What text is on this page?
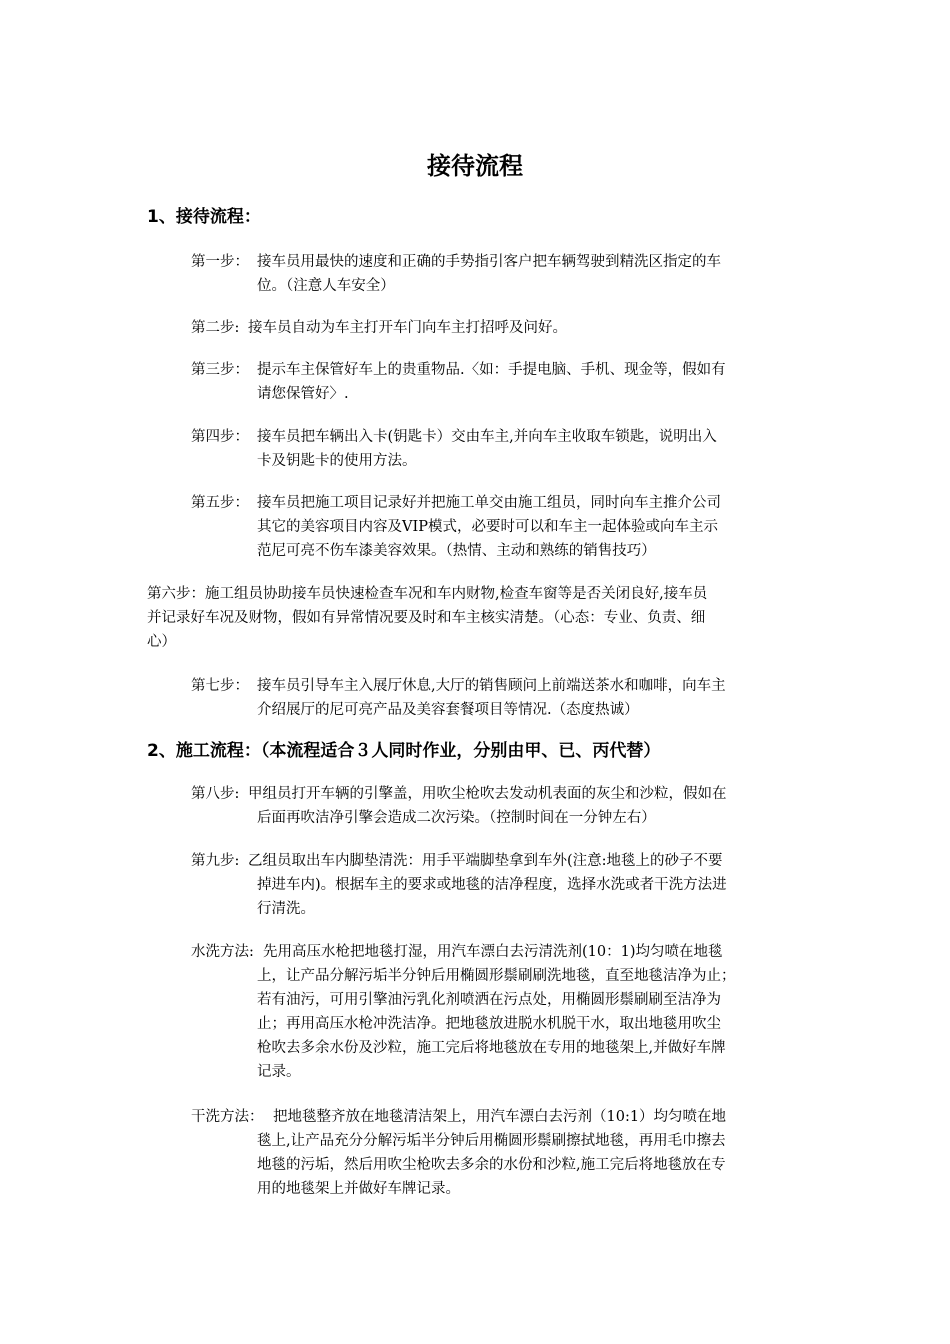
接待流程
1、接待流程：
第一步： 接车员用最快的速度和正确的手势指引客户把车辆驾驶到精洗区指定的车
位。（注意人车安全）
第二步: 接车员自动为车主打开车门向车主打招呼及问好。
第三步： 提示车主保管好车上的贵重物品.〈如：手提电脑、手机、现金等，假如有
请您保管好〉.
第四步： 接车员把车辆出入卡(钥匙卡）交由车主,并向车主收取车锁匙，说明出入
卡及钥匙卡的使用方法。
第五步： 接车员把施工项目记录好并把施工单交由施工组员，同时向车主推介公司
其它的美容项目内容及VIP模式，必要时可以和车主一起体验或向车主示
范尼可亮不伤车漆美容效果。（热情、主动和熟练的销售技巧）

第六步：施工组员协助接车员快速检查车况和车内财物,检查车窗等是否关闭良好,接车员

并记录好车况及财物，假如有异常情况要及时和车主核实清楚。（心态：专业、负责、细

心）

第七步： 接车员引导车主入展厅休息,大厅的销售顾问上前端送茶水和咖啡，向车主
介绍展厅的尼可亮产品及美容套餐项目等情况.（态度热诚）
2、施工流程：（本流程适合３人同时作业，分别由甲、已、丙代替）
第八步: 甲组员打开车辆的引擎盖，用吹尘枪吹去发动机表面的灰尘和沙粒，假如在
后面再吹洁净引擎会造成二次污染。（控制时间在一分钟左右）
第九步: 乙组员取出车内脚垫清洗：用手平端脚垫拿到车外(注意:地毯上的砂子不要
掉进车内)。根据车主的要求或地毯的洁净程度，选择水洗或者干洗方法进
行清洗。
水洗方法: 先用高压水枪把地毯打湿，用汽车漂白去污清洗剂(10：1)均匀喷在地毯
上，让产品分解污垢半分钟后用椭圆形鬃刷刷洗地毯，直至地毯洁净为止；
若有油污，可用引擎油污乳化剂喷洒在污点处，用椭圆形鬃刷刷至洁净为
止；再用高压水枪冲洗洁净。把地毯放进脱水机脱干水，取出地毯用吹尘
枪吹去多余水份及沙粒，施工完后将地毯放在专用的地毯架上,并做好车牌
记录。
干洗方法： 把地毯整齐放在地毯清洁架上，用汽车漂白去污剂（10:1）均匀喷在地
毯上,让产品充分分解污垢半分钟后用椭圆形鬃刷擦拭地毯，再用毛巾擦去
地毯的污垢，然后用吹尘枪吹去多余的水份和沙粒,施工完后将地毯放在专
用的地毯架上并做好车牌记录。
